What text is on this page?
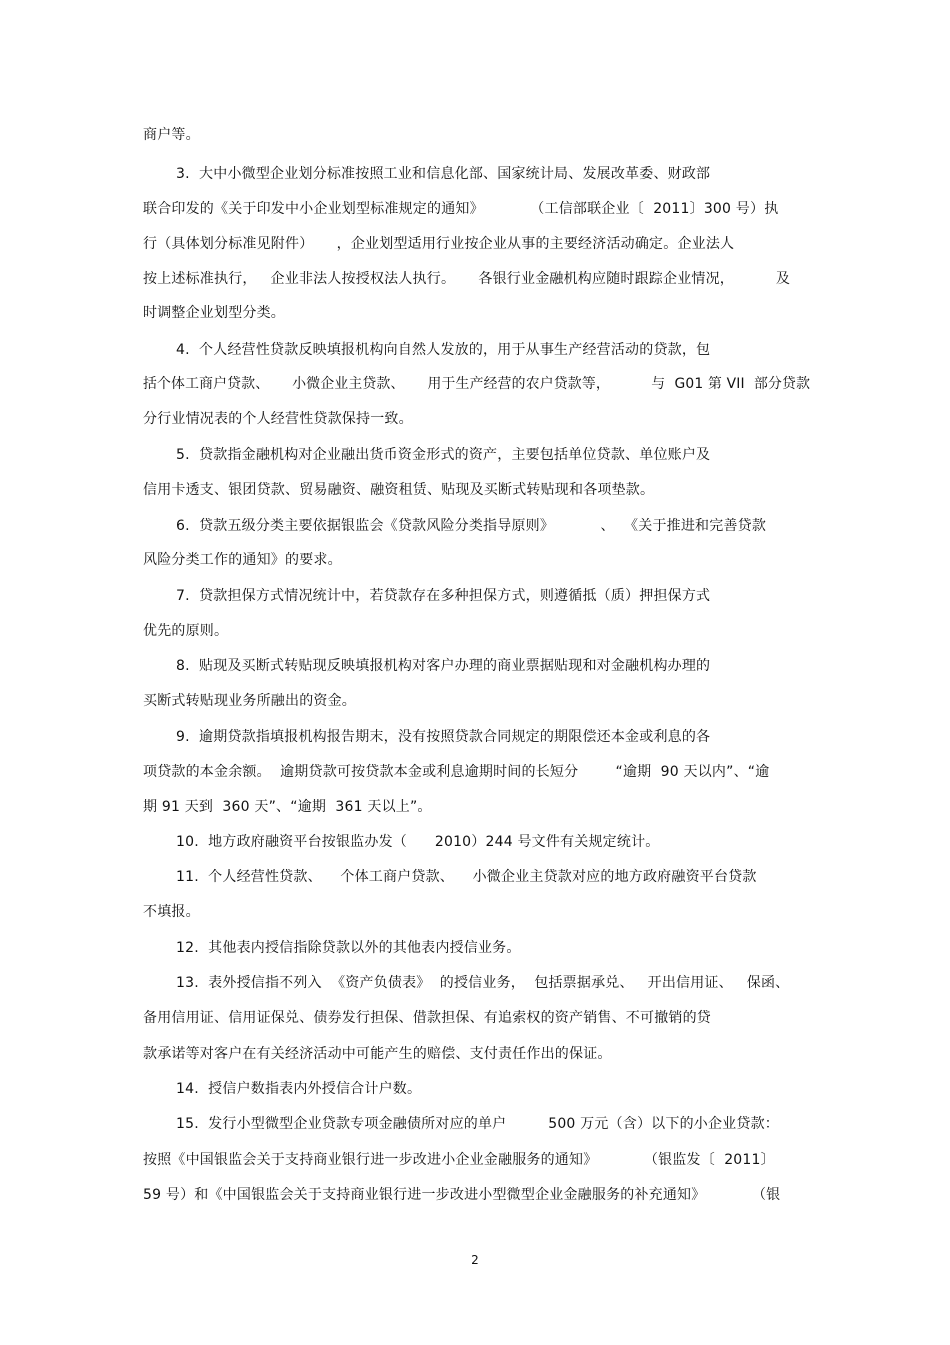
商户等。
3.  大中小微型企业划分标准按照工业和信息化部、国家统计局、发展改革委、财政部
联合印发的《关于印发中小企业划型标准规定的通知》          （工信部联企业〔  2011〕300 号）执
行（具体划分标准见附件）     ，企业划型适用行业按企业从事的主要经济活动确定。企业法人
按上述标准执行，   企业非法人按授权法人执行。     各银行业金融机构应随时跟踪企业情况，         及
时调整企业划型分类。
4.  个人经营性贷款反映填报机构向自然人发放的，用于从事生产经营活动的贷款，包
括个体工商户贷款、     小微企业主贷款、     用于生产经营的农户贷款等，         与  G01 第 VII  部分贷款
分行业情况表的个人经营性贷款保持一致。
5.  贷款指金融机构对企业融出货币资金形式的资产，主要包括单位贷款、单位账户及
信用卡透支、银团贷款、贸易融资、融资租赁、贴现及买断式转贴现和各项垫款。
6.  贷款五级分类主要依据银监会《贷款风险分类指导原则》          、  《关于推进和完善贷款
风险分类工作的通知》的要求。
7.  贷款担保方式情况统计中，若贷款存在多种担保方式，则遵循抵（质）押担保方式
优先的原则。
8.  贴现及买断式转贴现反映填报机构对客户办理的商业票据贴现和对金融机构办理的
买断式转贴现业务所融出的资金。
9.  逾期贷款指填报机构报告期末，没有按照贷款合同规定的期限偿还本金或利息的各
项贷款的本金余额。  逾期贷款可按贷款本金或利息逾期时间的长短分        “逾期  90 天以内”、“逾
期 91 天到  360 天”、“逾期  361 天以上”。
10.  地方政府融资平台按银监办发（      2010）244 号文件有关规定统计。
11.  个人经营性贷款、    个体工商户贷款、    小微企业主贷款对应的地方政府融资平台贷款
不填报。
12.  其他表内授信指除贷款以外的其他表内授信业务。
13.  表外授信指不列入  《资产负债表》  的授信业务，  包括票据承兑、   开出信用证、   保函、
备用信用证、信用证保兑、债券发行担保、借款担保、有追索权的资产销售、不可撤销的贷
款承诺等对客户在有关经济活动中可能产生的赔偿、支付责任作出的保证。
14.  授信户数指表内外授信合计户数。
15.  发行小型微型企业贷款专项金融债所对应的单户         500 万元（含）以下的小企业贷款：
按照《中国银监会关于支持商业银行进一步改进小企业金融服务的通知》          （银监发〔  2011〕
59 号）和《中国银监会关于支持商业银行进一步改进小型微型企业金融服务的补充通知》          （银
2
